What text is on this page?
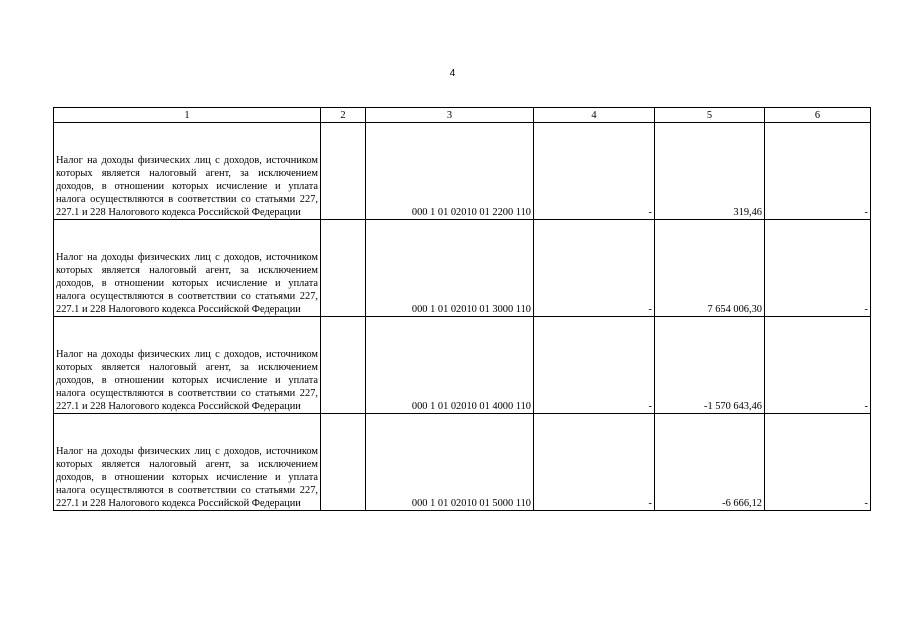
4
1	2	3	4	5	6
Налог на доходы физических лиц с доходов, источником которых является налоговый агент, за исключением доходов, в отношении которых исчисление и уплата налога осуществляются в соответствии со статьями 227, 227.1 и 228 Налогового кодекса Российской Федерации		000 1 01 02010 01 2200 110	-	319,46	-
Налог на доходы физических лиц с доходов, источником которых является налоговый агент, за исключением доходов, в отношении которых исчисление и уплата налога осуществляются в соответствии со статьями 227, 227.1 и 228 Налогового кодекса Российской Федерации		000 1 01 02010 01 3000 110	-	7 654 006,30	-
Налог на доходы физических лиц с доходов, источником которых является налоговый агент, за исключением доходов, в отношении которых исчисление и уплата налога осуществляются в соответствии со статьями 227, 227.1 и 228 Налогового кодекса Российской Федерации		000 1 01 02010 01 4000 110	-	-1 570 643,46	-
Налог на доходы физических лиц с доходов, источником которых является налоговый агент, за исключением доходов, в отношении которых исчисление и уплата налога осуществляются в соответствии со статьями 227, 227.1 и 228 Налогового кодекса Российской Федерации		000 1 01 02010 01 5000 110	-	-6 666,12	-
